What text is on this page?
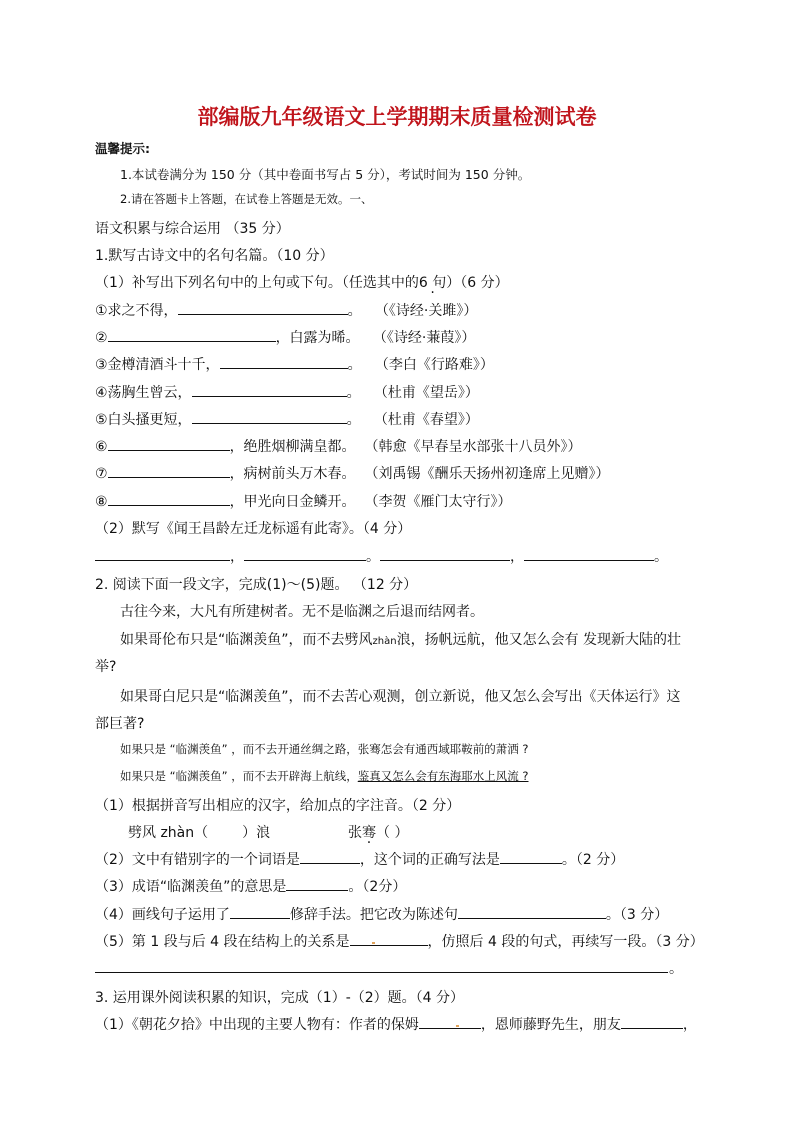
部编版九年级语文上学期期末质量检测试卷
温馨提示:
1.本试卷满分为 150 分（其中卷面书写占 5 分），考试时间为 150 分钟。
2.请在答题卡上答题，在试卷上答题是无效。一、
语文积累与综合运用 （35 分）
1.默写古诗文中的名句名篇。（10 分）
（1）补写出下列名句中的上句或下句。（任选其中的6 句 ·）（6 分）
①求之不得，	。 （《诗经·关雎》）
②	，白露为晞。 （《诗经·蒹葭》）
③金樽清酒斗十千，	。 （李白《行路难》）
④荡胸生曾云，	。 （杜甫《望岳》）
⑤白头搔更短，	。 （杜甫《春望》）
⑥	，绝胜烟柳满皇都。 （韩愈《早春呈水部张十八员外》）
⑦	，病树前头万木春。 （刘禹锡《酬乐天扬州初逢席上见赠》）
⑧	，甲光向日金鳞开。 （李贺《雁门太守行》）
（2）默写《闻王昌龄左迁龙标遥有此寄》。（4 分）
，	。	，	。
2. 阅读下面一段文字，完成(1)～(5)题。 （12 分）
古往今来，大凡有所建树者。无不是临渊之后退而结网者。
如果哥伦布只是“临渊羡鱼”，而不去劈风zhàn浪，扬帆远航，他又怎么会有 发现新大陆的壮
举?
如果哥白尼只是“临渊羡鱼”，而不去苦心观测，创立新说，他又怎么会写出《天体运行》这
部巨著?
如果只是 “临渊羡鱼” ，而不去开通丝绸之路，张骞怎会有通西域耶鞍前的萧洒 ?
如果只是 “临渊羡鱼” ，而不去开辟海上航线，鉴真又怎么会有东海耶水上风流 ?
（1）根据拼音写出相应的汉字，给加点的字注音。（2 分）
劈风 zhàn（ ）浪	张骞（ ）
（2）文中有错别字的一个词语是	，这个词的正确写法是	。（2 分）
（3）成语“临渊羡鱼”的意思是	。（2分）
（4）画线句子运用了	修辞手法。把它改为陈述句	。（3 分）
（5）第 1 段与后 4 段在结构上的关系是	，仿照后 4 段的句式，再续写一段。（3 分）
。
3. 运用课外阅读积累的知识，完成（1）-（2）题。（4 分）
（1）《朝花夕拾》中出现的主要人物有：作者的保姆	，恩师藤野先生，朋友	，
